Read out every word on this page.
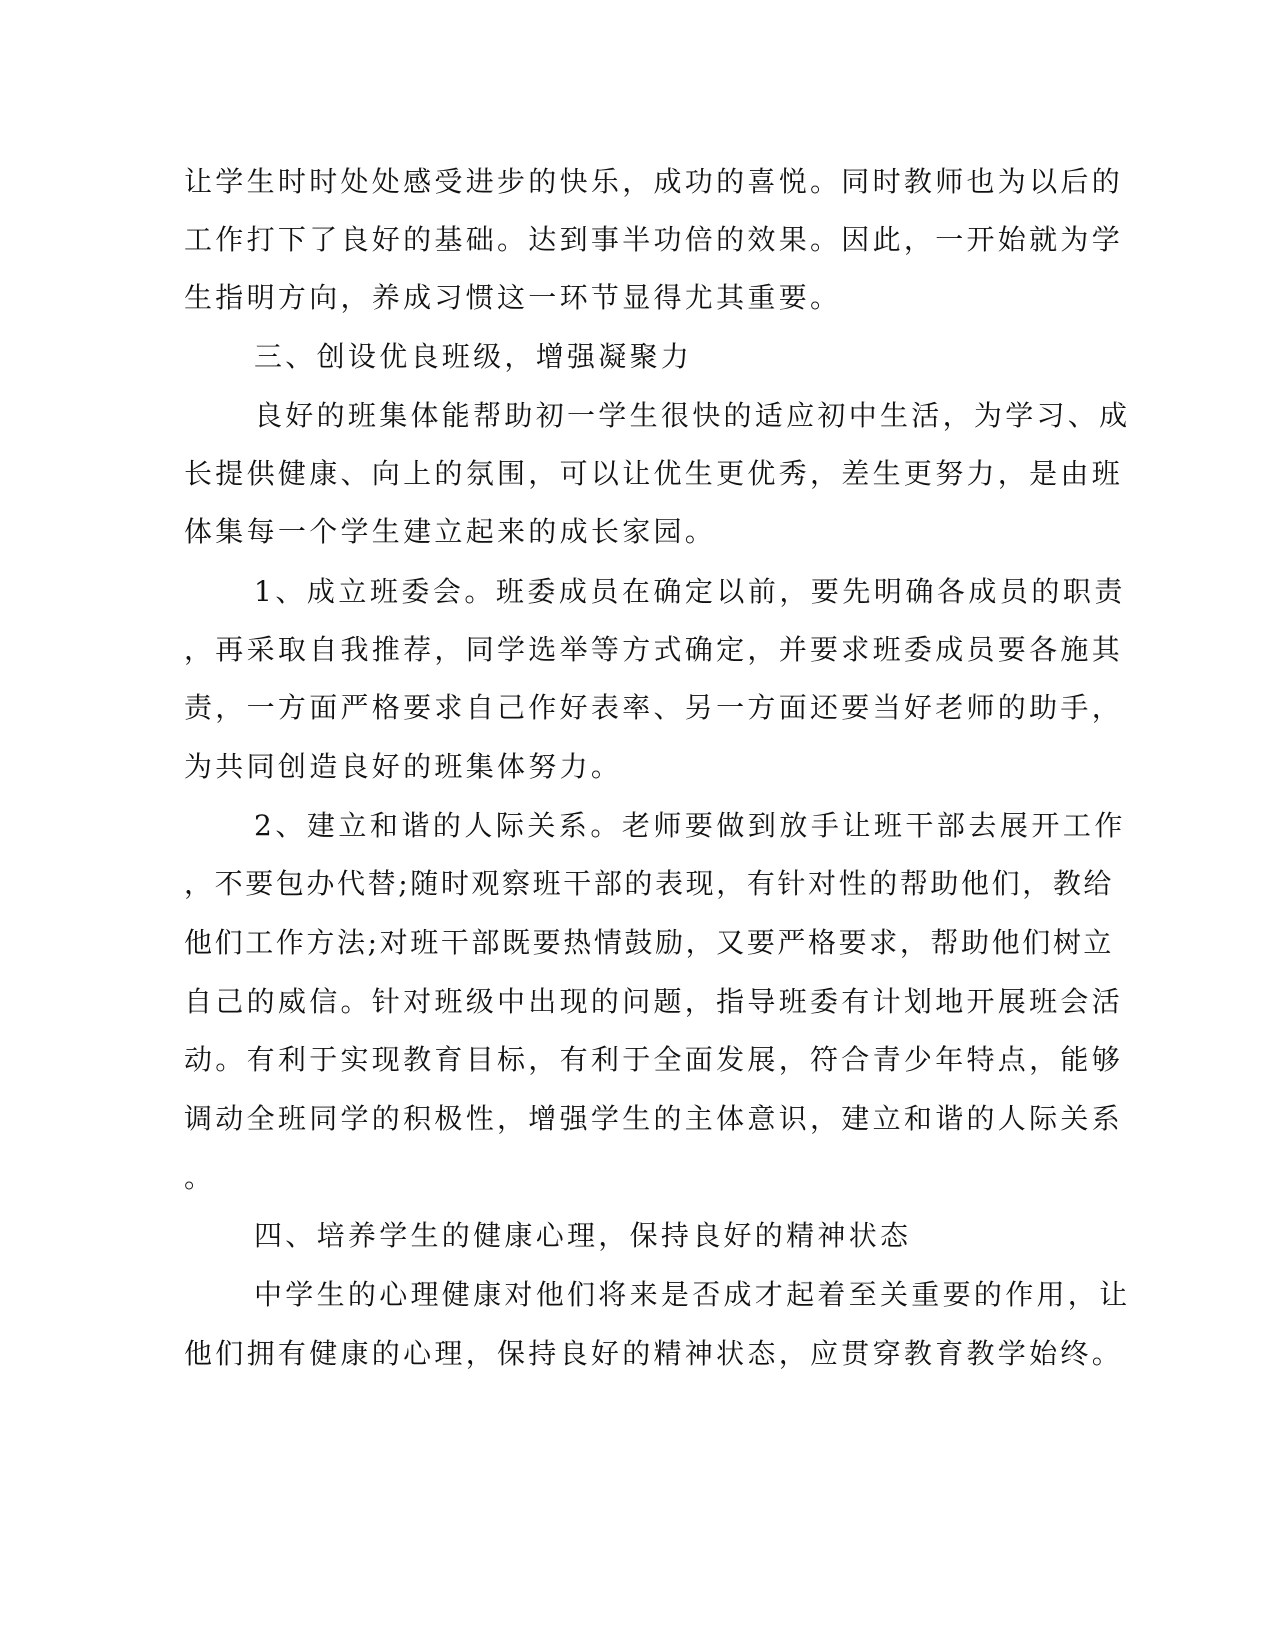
让学生时时处处感受进步的快乐，成功的喜悦。同时教师也为以后的

工作打下了良好的基础。达到事半功倍的效果。因此，一开始就为学

生指明方向，养成习惯这一环节显得尤其重要。

三、创设优良班级，增强凝聚力

良好的班集体能帮助初一学生很快的适应初中生活，为学习、成

长提供健康、向上的氛围，可以让优生更优秀，差生更努力，是由班

体集每一个学生建立起来的成长家园。

1、成立班委会。班委成员在确定以前，要先明确各成员的职责

，再采取自我推荐，同学选举等方式确定，并要求班委成员要各施其

责，一方面严格要求自己作好表率、另一方面还要当好老师的助手，

为共同创造良好的班集体努力。

2、建立和谐的人际关系。老师要做到放手让班干部去展开工作

，不要包办代替;随时观察班干部的表现，有针对性的帮助他们，教给

他们工作方法;对班干部既要热情鼓励，又要严格要求，帮助他们树立

自己的威信。针对班级中出现的问题，指导班委有计划地开展班会活

动。有利于实现教育目标，有利于全面发展，符合青少年特点，能够

调动全班同学的积极性，增强学生的主体意识，建立和谐的人际关系

。

四、培养学生的健康心理，保持良好的精神状态

中学生的心理健康对他们将来是否成才起着至关重要的作用，让

他们拥有健康的心理，保持良好的精神状态，应贯穿教育教学始终。
